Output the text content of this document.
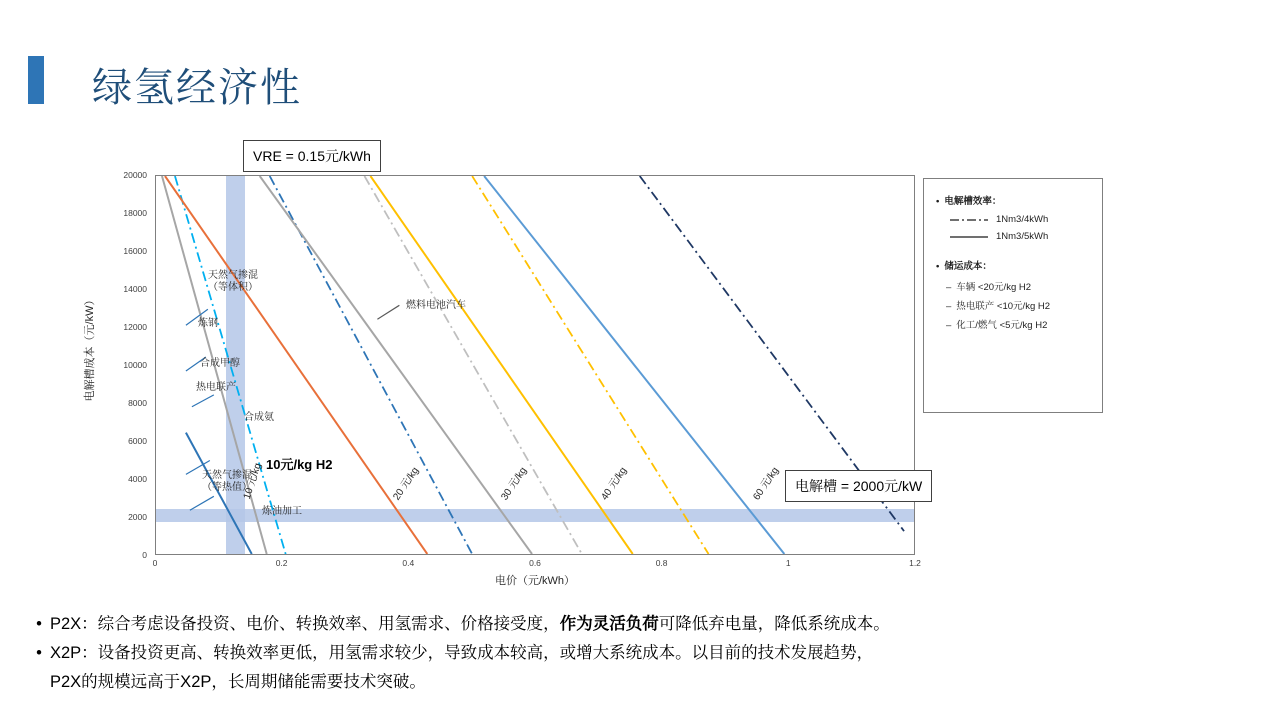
绿氢经济性
电解槽成本（元/kW）
0
2000
4000
6000
8000
10000
12000
14000
16000
18000
20000
天然气掺混
（等体积）
炼钢
合成甲醇
热电联产
合成氨
天然气掺混
（等热值）
炼油加工
燃料电池汽车
10元/kg H2
10 元/kg	20 元/kg	30 元/kg	40 元/kg	60 元/kg
0	0.2	0.4	0.6	0.8	1	1.2
电价（元/kWh）
VRE = 0.15元/kWh
电解槽 = 2000元/kW
• 电解槽效率：
1Nm3/4kWh
1Nm3/5kWh
• 储运成本：
– 车辆 <20元/kg H2
– 热电联产 <10元/kg H2
– 化工/燃气 <5元/kg H2
• P2X：综合考虑设备投资、电价、转换效率、用氢需求、价格接受度，作为灵活负荷可降低弃电量，降低系统成本。
• X2P：设备投资更高、转换效率更低，用氢需求较少，导致成本较高，或增大系统成本。以目前的技术发展趋势，
P2X的规模远高于X2P，长周期储能需要技术突破。
